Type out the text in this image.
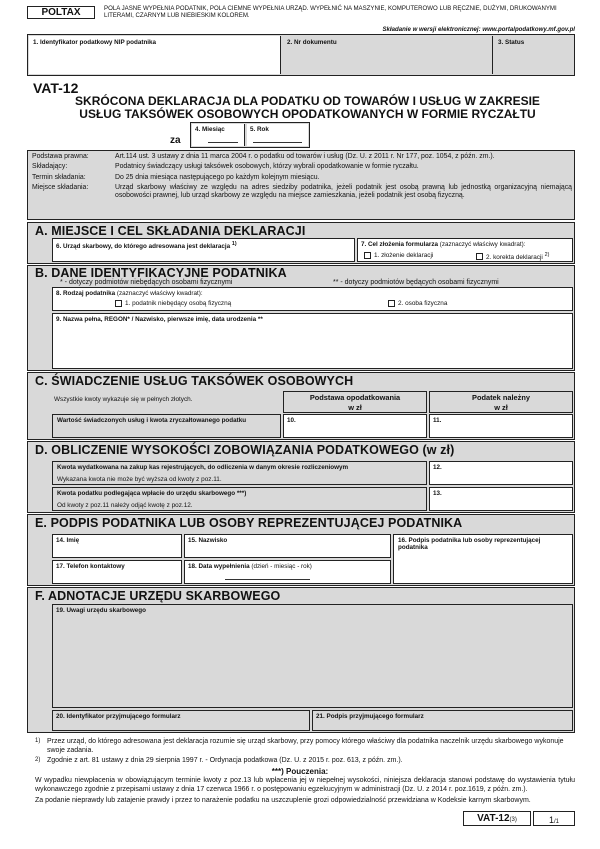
POLTAX	POLA JASNE WYPEŁNIA PODATNIK, POLA CIEMNE WYPEŁNIA URZĄD. WYPEŁNIĆ NA MASZYNIE, KOMPUTEROWO LUB RĘCZNIE, DUŻYMI, DRUKOWANYMI LITERAMI, CZARNYM LUB NIEBIESKIM KOLOREM.
Składanie w wersji elektronicznej: www.portalpodatkowy.mf.gov.pl
1. Identyfikator podatkowy NIP podatnika	2. Nr dokumentu	3. Status
VAT-12
SKRÓCONA DEKLARACJA DLA PODATKU OD TOWARÓW I USŁUG W ZAKRESIE
USŁUG TAKSÓWEK OSOBOWYCH OPODATKOWANYCH W FORMIE RYCZAŁTU
za
4. Miesiąc	5. Rok
Podstawa prawna:	Art.114 ust. 3 ustawy z dnia 11 marca 2004 r. o podatku od towarów i usług (Dz. U. z 2011 r. Nr 177, poz. 1054, z późn. zm.).
Składający:	Podatnicy świadczący usługi taksówek osobowych, którzy wybrali opodatkowanie w formie ryczałtu.
Termin składania:	Do 25 dnia miesiąca następującego po każdym kolejnym miesiącu.
Miejsce składania:	Urząd skarbowy właściwy ze względu na adres siedziby podatnika, jeżeli podatnik jest osobą prawną lub jednostką organizacyjną niemającą osobowości prawnej, lub urząd skarbowy ze względu na miejsce zamieszkania, jeżeli podatnik jest osobą fizyczną.
A. MIEJSCE I CEL SKŁADANIA DEKLARACJI
6. Urząd skarbowy, do którego adresowana jest deklaracja $^{1)}$	7. Cel złożenia formularza (zaznaczyć właściwy kwadrat):
1. złożenie deklaracji	2. korekta deklaracji $^{2)}$
B. DANE IDENTYFIKACYJNE PODATNIKA
* - dotyczy podmiotów niebędących osobami fizycznymi	** - dotyczy podmiotów będących osobami fizycznymi
8. Rodzaj podatnika (zaznaczyć właściwy kwadrat):
1. podatnik niebędący osobą fizyczną	2. osoba fizyczna
9. Nazwa pełna, REGON* / Nazwisko, pierwsze imię, data urodzenia **
C. ŚWIADCZENIE USŁUG TAKSÓWEK OSOBOWYCH
Wszystkie kwoty wykazuje się w pełnych złotych.	Podstawa opodatkowania
w zł
Podatek należny
w zł
Wartość świadczonych usług i kwota zryczałtowanego podatku	10.	11.
D. OBLICZENIE WYSOKOŚCI ZOBOWIĄZANIA PODATKOWEGO (w zł)
Kwota wydatkowana na zakup kas rejestrujących, do odliczenia w danym okresie rozliczeniowym
Wykazana kwota nie może być wyższa od kwoty z poz.11.
12.
Kwota podatku podlegająca wpłacie do urzędu skarbowego ***)
Od kwoty z poz.11 należy odjąć kwotę z poz.12.
13.
E. PODPIS PODATNIKA LUB OSOBY REPREZENTUJĄCEJ PODATNIKA
14. Imię	15. Nazwisko	16. Podpis podatnika lub osoby reprezentującej podatnika
17. Telefon kontaktowy	18. Data wypełnienia (dzień - miesiąc - rok)
F. ADNOTACJE URZĘDU SKARBOWEGO
19. Uwagi urzędu skarbowego
20. Identyfikator przyjmującego formularz	21. Podpis przyjmującego formularz
1) Przez urząd, do którego adresowana jest deklaracja rozumie się urząd skarbowy, przy pomocy którego właściwy dla podatnika naczelnik urzędu skarbowego wykonuje swoje zadania.
2) Zgodnie z art. 81 ustawy z dnia 29 sierpnia 1997 r. - Ordynacja podatkowa (Dz. U. z 2015 r. poz. 613, z późn. zm.).
***) Pouczenia:
W wypadku niewpłacenia w obowiązującym terminie kwoty z poz.13 lub wpłacenia jej w niepełnej wysokości, niniejsza deklaracja stanowi podstawę do wystawienia tytułu wykonawczego zgodnie z przepisami ustawy z dnia 17 czerwca 1966 r. o postępowaniu egzekucyjnym w administracji (Dz. U. z 2014 r. poz.1619, z późn. zm.).
Za podanie nieprawdy lub zatajenie prawdy i przez to narażenie podatku na uszczuplenie grozi odpowiedzialność przewidziana w Kodeksie karnym skarbowym.
VAT-12(3)	1/1
